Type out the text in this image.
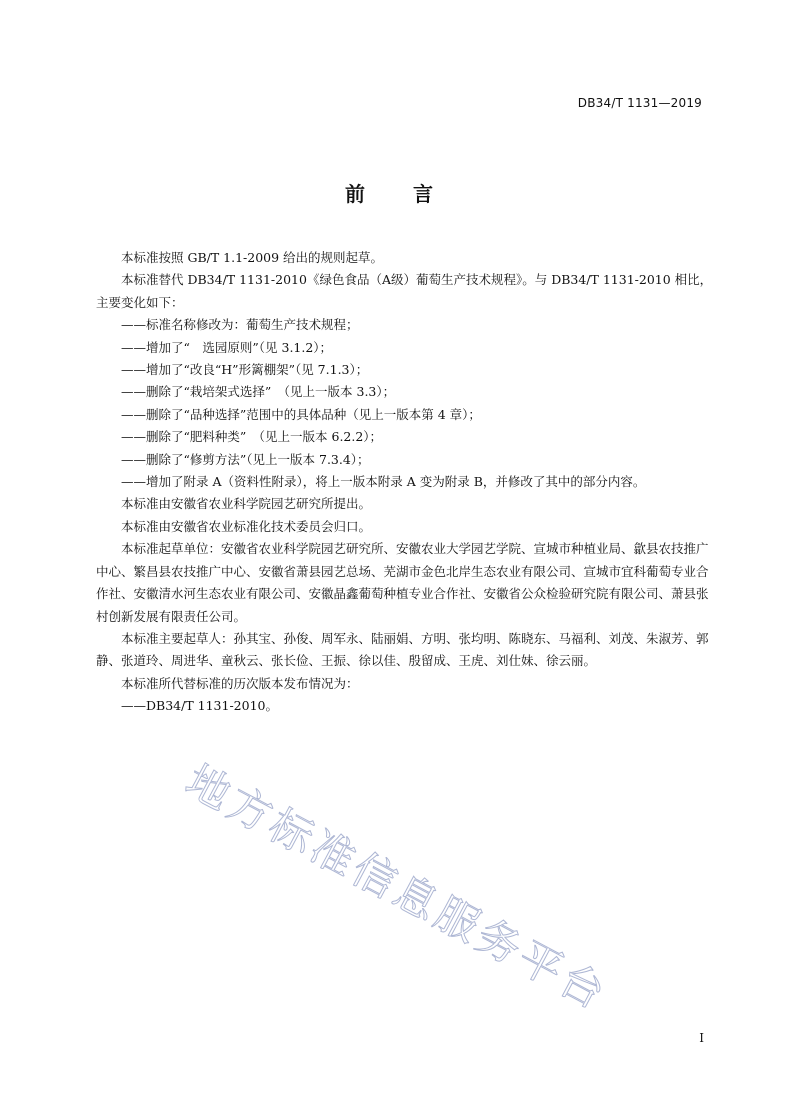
DB34/T 1131—2019
前　言

本标准按照 GB/T 1.1-2009 给出的规则起草。

本标准替代 DB34/T 1131-2010《绿色食品（A级）葡萄生产技术规程》。与 DB34/T 1131-2010 相比，主要变化如下：

——标准名称修改为：葡萄生产技术规程；

——增加了“　选园原则”（见 3.1.2）；

——增加了“改良“H”形篱棚架”（见 7.1.3）；

——删除了“栽培架式选择”　（见上一版本 3.3）；

——删除了“品种选择”范围中的具体品种（见上一版本第 4 章）；

——删除了“肥料种类”　（见上一版本 6.2.2）；

——删除了“修剪方法”（见上一版本 7.3.4）；

——增加了附录 A（资料性附录），将上一版本附录 A 变为附录 B，并修改了其中的部分内容。

本标准由安徽省农业科学院园艺研究所提出。

本标准由安徽省农业标准化技术委员会归口。

本标准起草单位：安徽省农业科学院园艺研究所、安徽农业大学园艺学院、宣城市种植业局、歙县农技推广中心、繁昌县农技推广中心、安徽省萧县园艺总场、芜湖市金色北岸生态农业有限公司、宣城市宜科葡萄专业合作社、安徽清水河生态农业有限公司、安徽晶鑫葡萄种植专业合作社、安徽省公众检验研究院有限公司、萧县张村创新发展有限责任公司。

本标准主要起草人：孙其宝、孙俊、周军永、陆丽娟、方明、张均明、陈晓东、马福利、刘茂、朱淑芳、郭静、张道玲、周进华、童秋云、张长俭、王振、徐以佳、殷留成、王虎、刘仕妹、徐云丽。

本标准所代替标准的历次版本发布情况为：

——DB34/T 1131-2010。

地方标准信息服务平台
I
